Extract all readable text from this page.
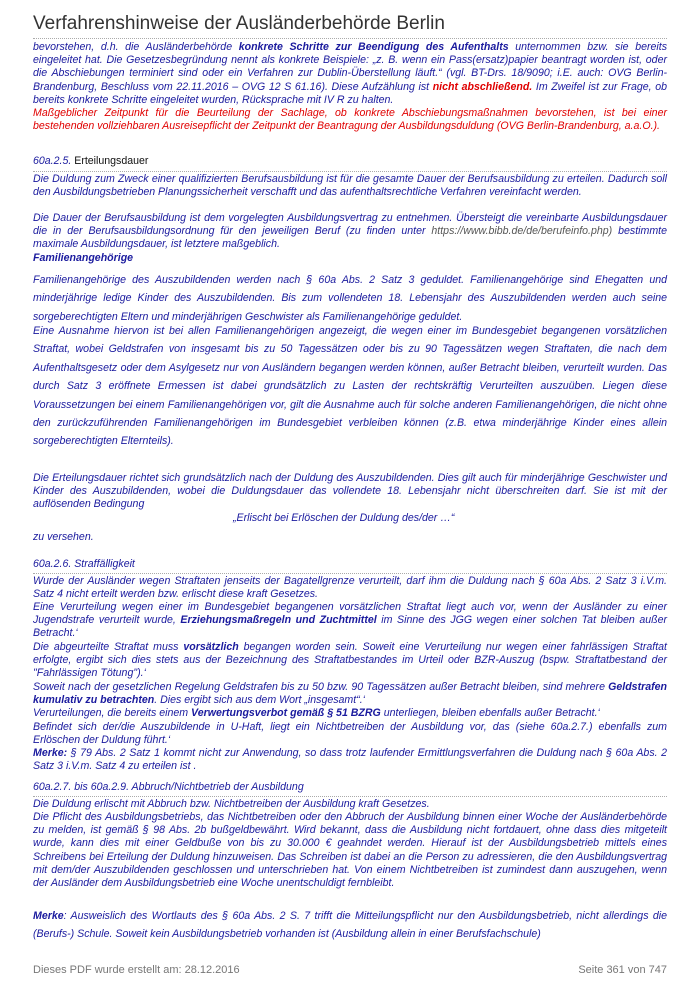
Verfahrenshinweise der Ausländerbehörde Berlin
bevorstehen, d.h. die Ausländerbehörde konkrete Schritte zur Beendigung des Aufenthalts unternommen bzw. sie bereits eingeleitet hat. Die Gesetzesbegründung nennt als konkrete Beispiele: „z. B. wenn ein Pass(ersatz)papier beantragt worden ist, oder die Abschiebungen terminiert sind oder ein Verfahren zur Dublin-Überstellung läuft.“ (vgl. BT-Drs. 18/9090; i.E. auch: OVG Berlin-Brandenburg, Beschluss vom 22.11.2016 – OVG 12 S 61.16). Diese Aufzählung ist nicht abschließend. Im Zweifel ist zur Frage, ob bereits konkrete Schritte eingeleitet wurden, Rücksprache mit IV R zu halten.
Maßgeblicher Zeitpunkt für die Beurteilung der Sachlage, ob konkrete Abschiebungsmaßnahmen bevorstehen, ist bei einer bestehenden vollziehbaren Ausreisepflicht der Zeitpunkt der Beantragung der Ausbildungsduldung (OVG Berlin-Brandenburg, a.a.O.).
60a.2.5. Erteilungsdauer
Die Duldung zum Zweck einer qualifizierten Berufsausbildung ist für die gesamte Dauer der Berufsausbildung zu erteilen. Dadurch soll den Ausbildungsbetrieben Planungssicherheit verschafft und das aufenthaltsrechtliche Verfahren vereinfacht werden.
Die Dauer der Berufsausbildung ist dem vorgelegten Ausbildungsvertrag zu entnehmen. Übersteigt die vereinbarte Ausbildungsdauer die in der Berufsausbildungsordnung für den jeweiligen Beruf (zu finden unter https://www.bibb.de/de/berufeinfo.php) bestimmte maximale Ausbildungsdauer, ist letztere maßgeblich.
Familienangehörige
Familienangehörige des Auszubildenden werden nach § 60a Abs. 2 Satz 3 geduldet. Familienangehörige sind Ehegatten und minderjährige ledige Kinder des Auszubildenden. Bis zum vollendeten 18. Lebensjahr des Auszubildenden werden auch seine sorgeberechtigten Eltern und minderjährigen Geschwister als Familienangehörige geduldet.
Eine Ausnahme hiervon ist bei allen Familienangehörigen angezeigt, die wegen einer im Bundesgebiet begangenen vorsätzlichen Straftat, wobei Geldstrafen von insgesamt bis zu 50 Tagessätzen oder bis zu 90 Tagessätzen wegen Straftaten, die nach dem Aufenthaltsgesetz oder dem Asylgesetz nur von Ausländern begangen werden können, außer Betracht bleiben, verurteilt wurden. Das durch Satz 3 eröffnete Ermessen ist dabei grundsätzlich zu Lasten der rechtskräftig Verurteilten auszuüben. Liegen diese Voraussetzungen bei einem Familienangehörigen vor, gilt die Ausnahme auch für solche anderen Familienangehörigen, die nicht ohne den zurückzuführenden Familienangehörigen im Bundesgebiet verbleiben können (z.B. etwa minderjährige Kinder eines allein sorgeberechtigten Elternteils).
Die Erteilungsdauer richtet sich grundsätzlich nach der Duldung des Auszubildenden. Dies gilt auch für minderjährige Geschwister und Kinder des Auszubildenden, wobei die Duldungsdauer das vollendete 18. Lebensjahr nicht überschreiten darf. Sie ist mit der auflösenden Bedingung
„Erlischt bei Erlöschen der Duldung des/der …“
zu versehen.
60a.2.6. Straffälligkeit
Wurde der Ausländer wegen Straftaten jenseits der Bagatellgrenze verurteilt, darf ihm die Duldung nach § 60a Abs. 2 Satz 3 i.V.m. Satz 4 nicht erteilt werden bzw. erlischt diese kraft Gesetzes.
Eine Verurteilung wegen einer im Bundesgebiet begangenen vorsätzlichen Straftat liegt auch vor, wenn der Ausländer zu einer Jugendstrafe verurteilt wurde, Erziehungsmaßregeln und Zuchtmittel im Sinne des JGG wegen einer solchen Tat bleiben außer Betracht.‘
Die abgeurteilte Straftat muss vorsätzlich begangen worden sein. Soweit eine Verurteilung nur wegen einer fahrlässigen Straftat erfolgte, ergibt sich dies stets aus der Bezeichnung des Straftatbestandes im Urteil oder BZR-Auszug (bspw. Straftatbestand der "Fahrlässigen Tötung").‘
Soweit nach der gesetzlichen Regelung Geldstrafen bis zu 50 bzw. 90 Tagessätzen außer Betracht bleiben, sind mehrere Geldstrafen kumulativ zu betrachten. Dies ergibt sich aus dem Wort „insgesamt“.‘
Verurteilungen, die bereits einem Verwertungsverbot gemäß § 51 BZRG unterliegen, bleiben ebenfalls außer Betracht.‘
Befindet sich der/die Auszubildende in U-Haft, liegt ein Nichtbetreiben der Ausbildung vor, das (siehe 60a.2.7.) ebenfalls zum Erlöschen der Duldung führt.‘
Merke: § 79 Abs. 2 Satz 1 kommt nicht zur Anwendung, so dass trotz laufender Ermittlungsverfahren die Duldung nach § 60a Abs. 2 Satz 3 i.V.m. Satz 4 zu erteilen ist .
60a.2.7. bis 60a.2.9. Abbruch/Nichtbetrieb der Ausbildung
Die Duldung erlischt mit Abbruch bzw. Nichtbetreiben der Ausbildung kraft Gesetzes.
Die Pflicht des Ausbildungsbetriebs, das Nichtbetreiben oder den Abbruch der Ausbildung binnen einer Woche der Ausländerbehörde zu melden, ist gemäß § 98 Abs. 2b bußgeldbewährt. Wird bekannt, dass die Ausbildung nicht fortdauert, ohne dass dies mitgeteilt wurde, kann dies mit einer Geldbuße von bis zu 30.000 € geahndet werden. Hierauf ist der Ausbildungsbetrieb mittels eines Schreibens bei Erteilung der Duldung hinzuweisen. Das Schreiben ist dabei an die Person zu adressieren, die den Ausbildungsvertrag mit dem/der Auszubildenden geschlossen und unterschrieben hat. Von einem Nichtbetreiben ist zumindest dann auszugehen, wenn der Ausländer dem Ausbildungsbetrieb eine Woche unentschuldigt fernbleibt.
Merke: Ausweislich des Wortlauts des § 60a Abs. 2 S. 7 trifft die Mitteilungspflicht nur den Ausbildungsbetrieb, nicht allerdings die (Berufs-) Schule. Soweit kein Ausbildungsbetrieb vorhanden ist (Ausbildung allein in einer Berufsfachschule)
Dieses PDF wurde erstellt am: 28.12.2016	Seite 361 von 747
